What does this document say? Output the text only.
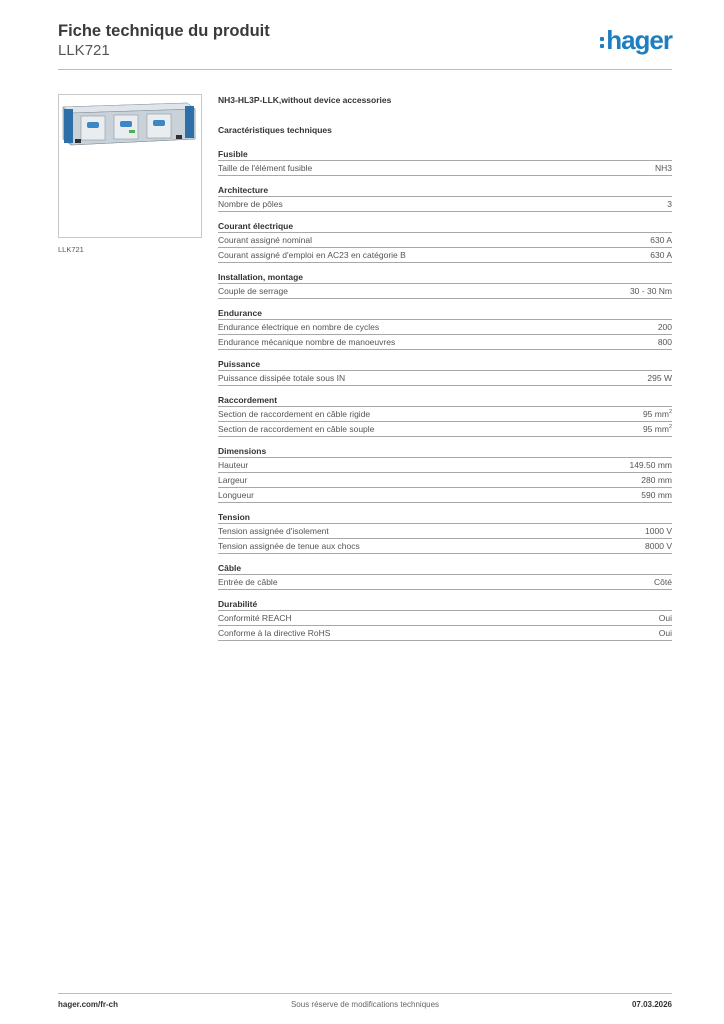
Fiche technique du produit
LLK721	hager
LLK721
NH3-HL3P-LLK,without device accessories
Caractéristiques techniques
Fusible
Taille de l'élément fusible	NH3
Architecture
Nombre de pôles	3
Courant électrique
Courant assigné nominal	630 A
Courant assigné d'emploi en AC23 en catégorie B	630 A
Installation, montage
Couple de serrage	30 - 30 Nm
Endurance
Endurance électrique en nombre de cycles	200
Endurance mécanique nombre de manoeuvres	800
Puissance
Puissance dissipée totale sous IN	295 W
Raccordement
Section de raccordement en câble rigide	95 $mm^2$
Section de raccordement en câble souple	95 $mm^2$
Dimensions
Hauteur	149.50 mm
Largeur	280 mm
Longueur	590 mm
Tension
Tension assignée d'isolement	1000 V
Tension assignée de tenue aux chocs	8000 V
Câble
Entrée de câble	Côté
Durabilité
Conformité REACH	Oui
Conforme à la directive RoHS	Oui
hager.com/fr-ch	Sous réserve de modifications techniques	07.03.2026
